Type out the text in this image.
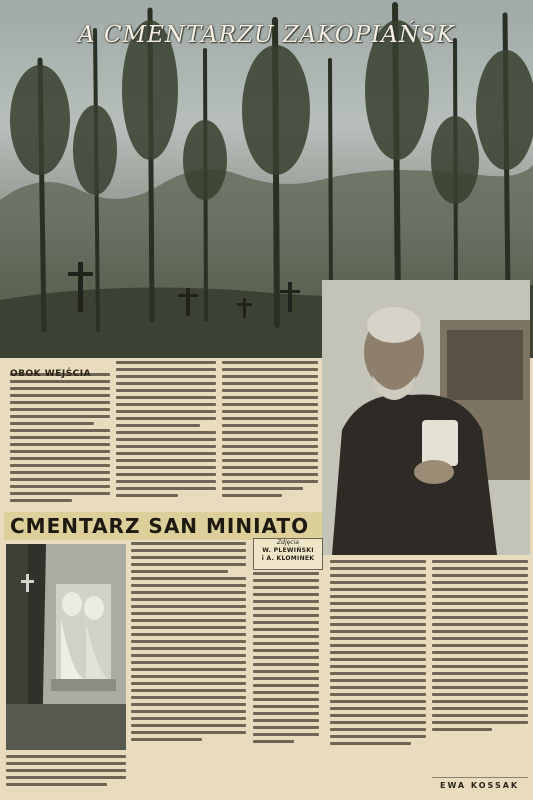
A CMENTARZU ZAKOPIAŃSK
OBOK WEJŚCIA
CMENTARZ SAN MINIATO
Zdjęcia
W. PLEWIŃSKI
i A. KLOMINEK
EWA KOSSAK
